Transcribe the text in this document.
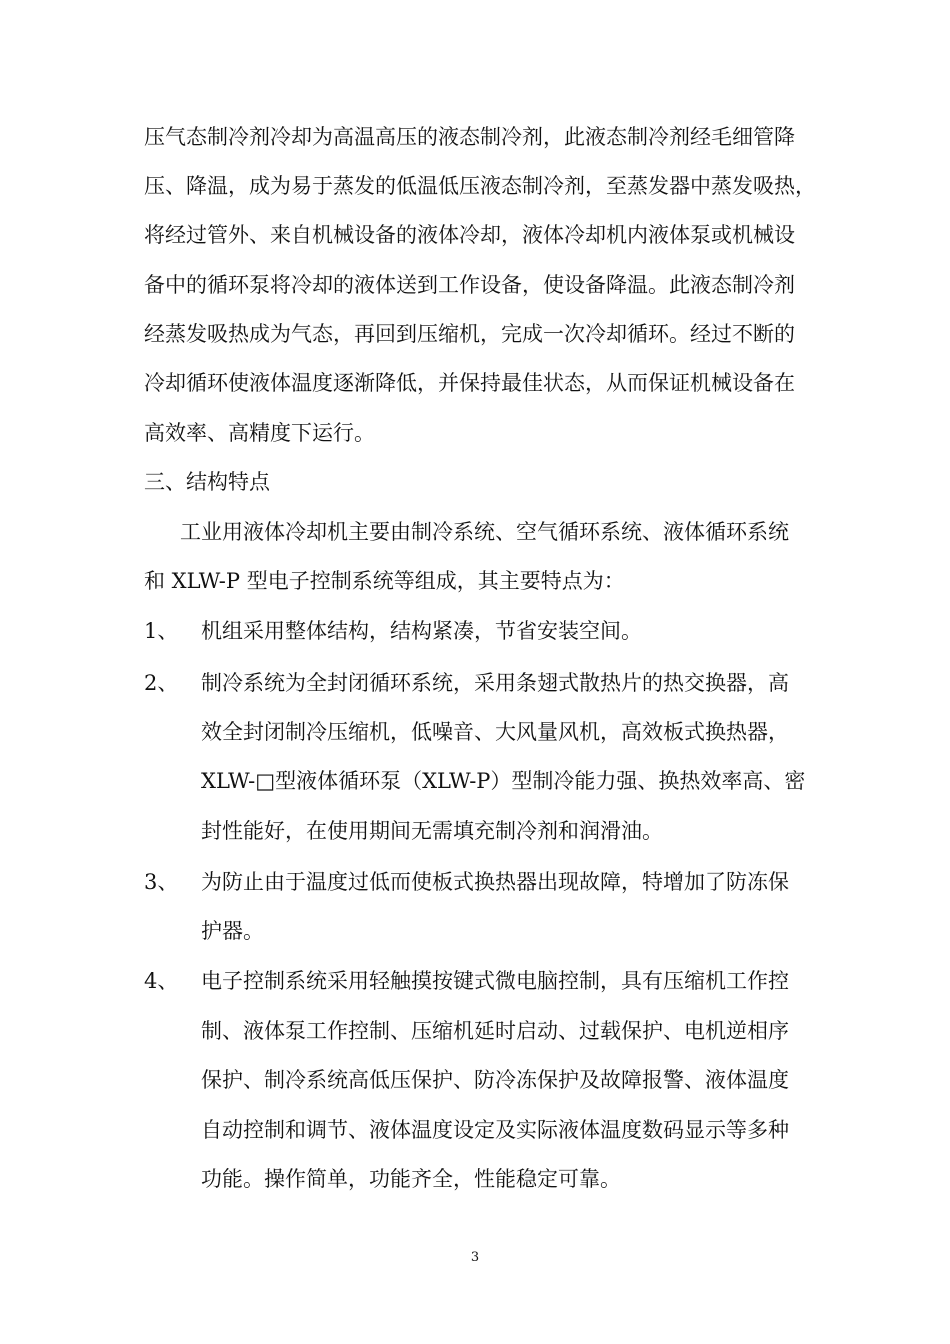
压气态制冷剂冷却为高温高压的液态制冷剂，此液态制冷剂经毛细管降
压、降温，成为易于蒸发的低温低压液态制冷剂，至蒸发器中蒸发吸热，
将经过管外、来自机械设备的液体冷却，液体冷却机内液体泵或机械设
备中的循环泵将冷却的液体送到工作设备，使设备降温。此液态制冷剂
经蒸发吸热成为气态，再回到压缩机，完成一次冷却循环。经过不断的
冷却循环使液体温度逐渐降低，并保持最佳状态，从而保证机械设备在
高效率、高精度下运行。
三、结构特点
工业用液体冷却机主要由制冷系统、空气循环系统、液体循环系统
和 XLW-P 型电子控制系统等组成，其主要特点为：
1、 机组采用整体结构，结构紧凑，节省安装空间。
2、 制冷系统为全封闭循环系统，采用条翅式散热片的热交换器，高
效全封闭制冷压缩机，低噪音、大风量风机，高效板式换热器，
XLW-□型液体循环泵（XLW-P）型制冷能力强、换热效率高、密
封性能好，在使用期间无需填充制冷剂和润滑油。
3、 为防止由于温度过低而使板式换热器出现故障，特增加了防冻保
护器。
4、 电子控制系统采用轻触摸按键式微电脑控制，具有压缩机工作控
制、液体泵工作控制、压缩机延时启动、过载保护、电机逆相序
保护、制冷系统高低压保护、防冷冻保护及故障报警、液体温度
自动控制和调节、液体温度设定及实际液体温度数码显示等多种
功能。操作简单，功能齐全，性能稳定可靠。
3
